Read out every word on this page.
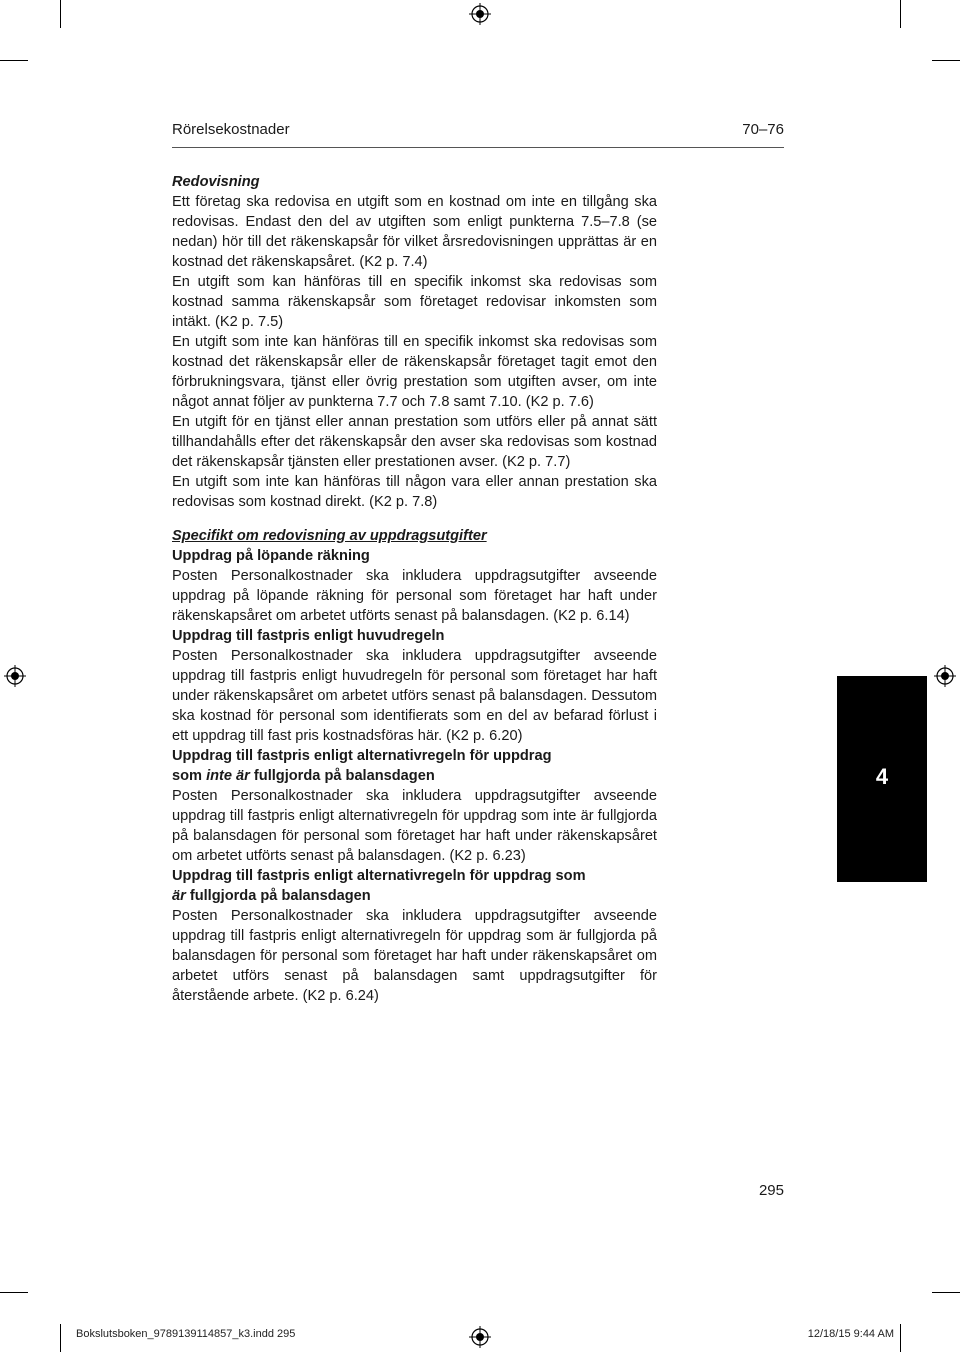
Rörelsekostnader	70–76

Redovisning

Ett företag ska redovisa en utgift som en kostnad om inte en tillgång ska redovisas. Endast den del av utgiften som enligt punkterna 7.5–7.8 (se nedan) hör till det räkenskapsår för vilket årsredovisningen upprättas är en kostnad det räkenskapsåret. (K2 p. 7.4)

En utgift som kan hänföras till en specifik inkomst ska redovisas som kostnad samma räkenskapsår som företaget redovisar inkomsten som intäkt. (K2 p. 7.5)

En utgift som inte kan hänföras till en specifik inkomst ska redovisas som kostnad det räkenskapsår eller de räkenskapsår företaget tagit emot den förbrukningsvara, tjänst eller övrig prestation som utgiften avser, om inte något annat följer av punkterna 7.7 och 7.8 samt 7.10. (K2 p. 7.6)

En utgift för en tjänst eller annan prestation som utförs eller på annat sätt tillhandahålls efter det räkenskapsår den avser ska redovisas som kostnad det räkenskapsår tjänsten eller prestationen avser. (K2 p. 7.7)

En utgift som inte kan hänföras till någon vara eller annan prestation ska redovisas som kostnad direkt. (K2 p. 7.8)

Specifikt om redovisning av uppdragsutgifter

Uppdrag på löpande räkning

Posten Personalkostnader ska inkludera uppdragsutgifter avseende uppdrag på löpande räkning för personal som företaget har haft under räkenskapsåret om arbetet utförts senast på balansdagen. (K2 p. 6.14)

Uppdrag till fastpris enligt huvudregeln

Posten Personalkostnader ska inkludera uppdragsutgifter avseende uppdrag till fastpris enligt huvudregeln för personal som företaget har haft under räkenskapsåret om arbetet utförs senast på balansdagen. Dessutom ska kostnad för personal som identifierats som en del av befarad förlust i ett uppdrag till fast pris kostnadsföras här. (K2 p. 6.20)

Uppdrag till fastpris enligt alternativregeln för uppdrag
som inte är fullgjorda på balansdagen

Posten Personalkostnader ska inkludera uppdragsutgifter avseende uppdrag till fastpris enligt alternativregeln för uppdrag som inte är fullgjorda på balansdagen för personal som företaget har haft under räkenskapsåret om arbetet utförts senast på balansdagen. (K2 p. 6.23)

Uppdrag till fastpris enligt alternativregeln för uppdrag som
är fullgjorda på balansdagen

Posten Personalkostnader ska inkludera uppdragsutgifter avseende uppdrag till fastpris enligt alternativregeln för uppdrag som är fullgjorda på balansdagen för personal som företaget har haft under räkenskapsåret om arbetet utförs senast på balansdagen samt uppdragsutgifter för återstående arbete. (K2 p. 6.24)

4
295
Bokslutsboken_9789139114857_k3.indd 295	12/18/15 9:44 AM
